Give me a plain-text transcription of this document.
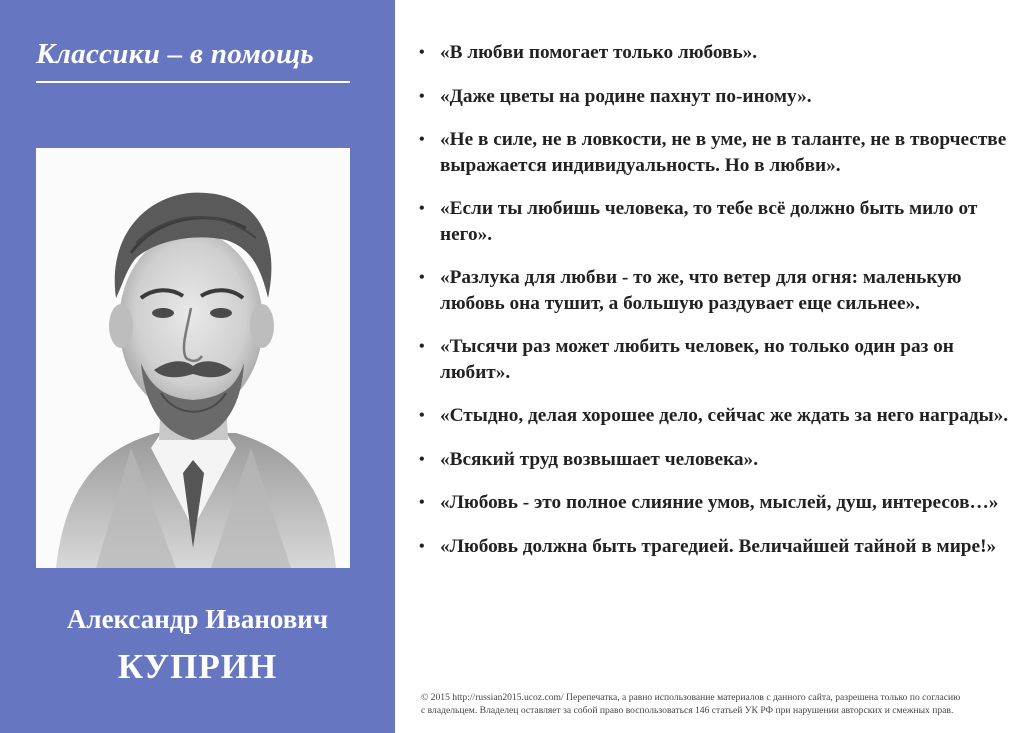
Классики – в помощь
Александр Иванович
КУПРИН
• «В любви помогает только любовь».
• «Даже цветы на родине пахнут по-иному».
• «Не в силе, не в ловкости, не в уме, не в таланте, не в творчестве выражается индивидуальность. Но в любви».
• «Если ты любишь человека, то тебе всё должно быть мило от него».
• «Разлука для любви - то же, что ветер для огня: маленькую любовь она тушит, а большую раздувает еще сильнее».
• «Тысячи раз может любить человек, но только один раз он любит».
• «Стыдно, делая хорошее дело, сейчас же ждать за него награды».
• «Всякий труд возвышает человека».
• «Любовь - это полное слияние умов, мыслей, душ, интересов…»
• «Любовь должна быть трагедией. Величайшей тайной в мире!»
© 2015 http://russian2015.ucoz.com/ Перепечатка, а равно использование материалов с данного сайта, разрешена только по согласию
с владельцем. Владелец оставляет за собой право воспользоваться 146 статьей УК РФ при нарушении авторских и смежных прав.
